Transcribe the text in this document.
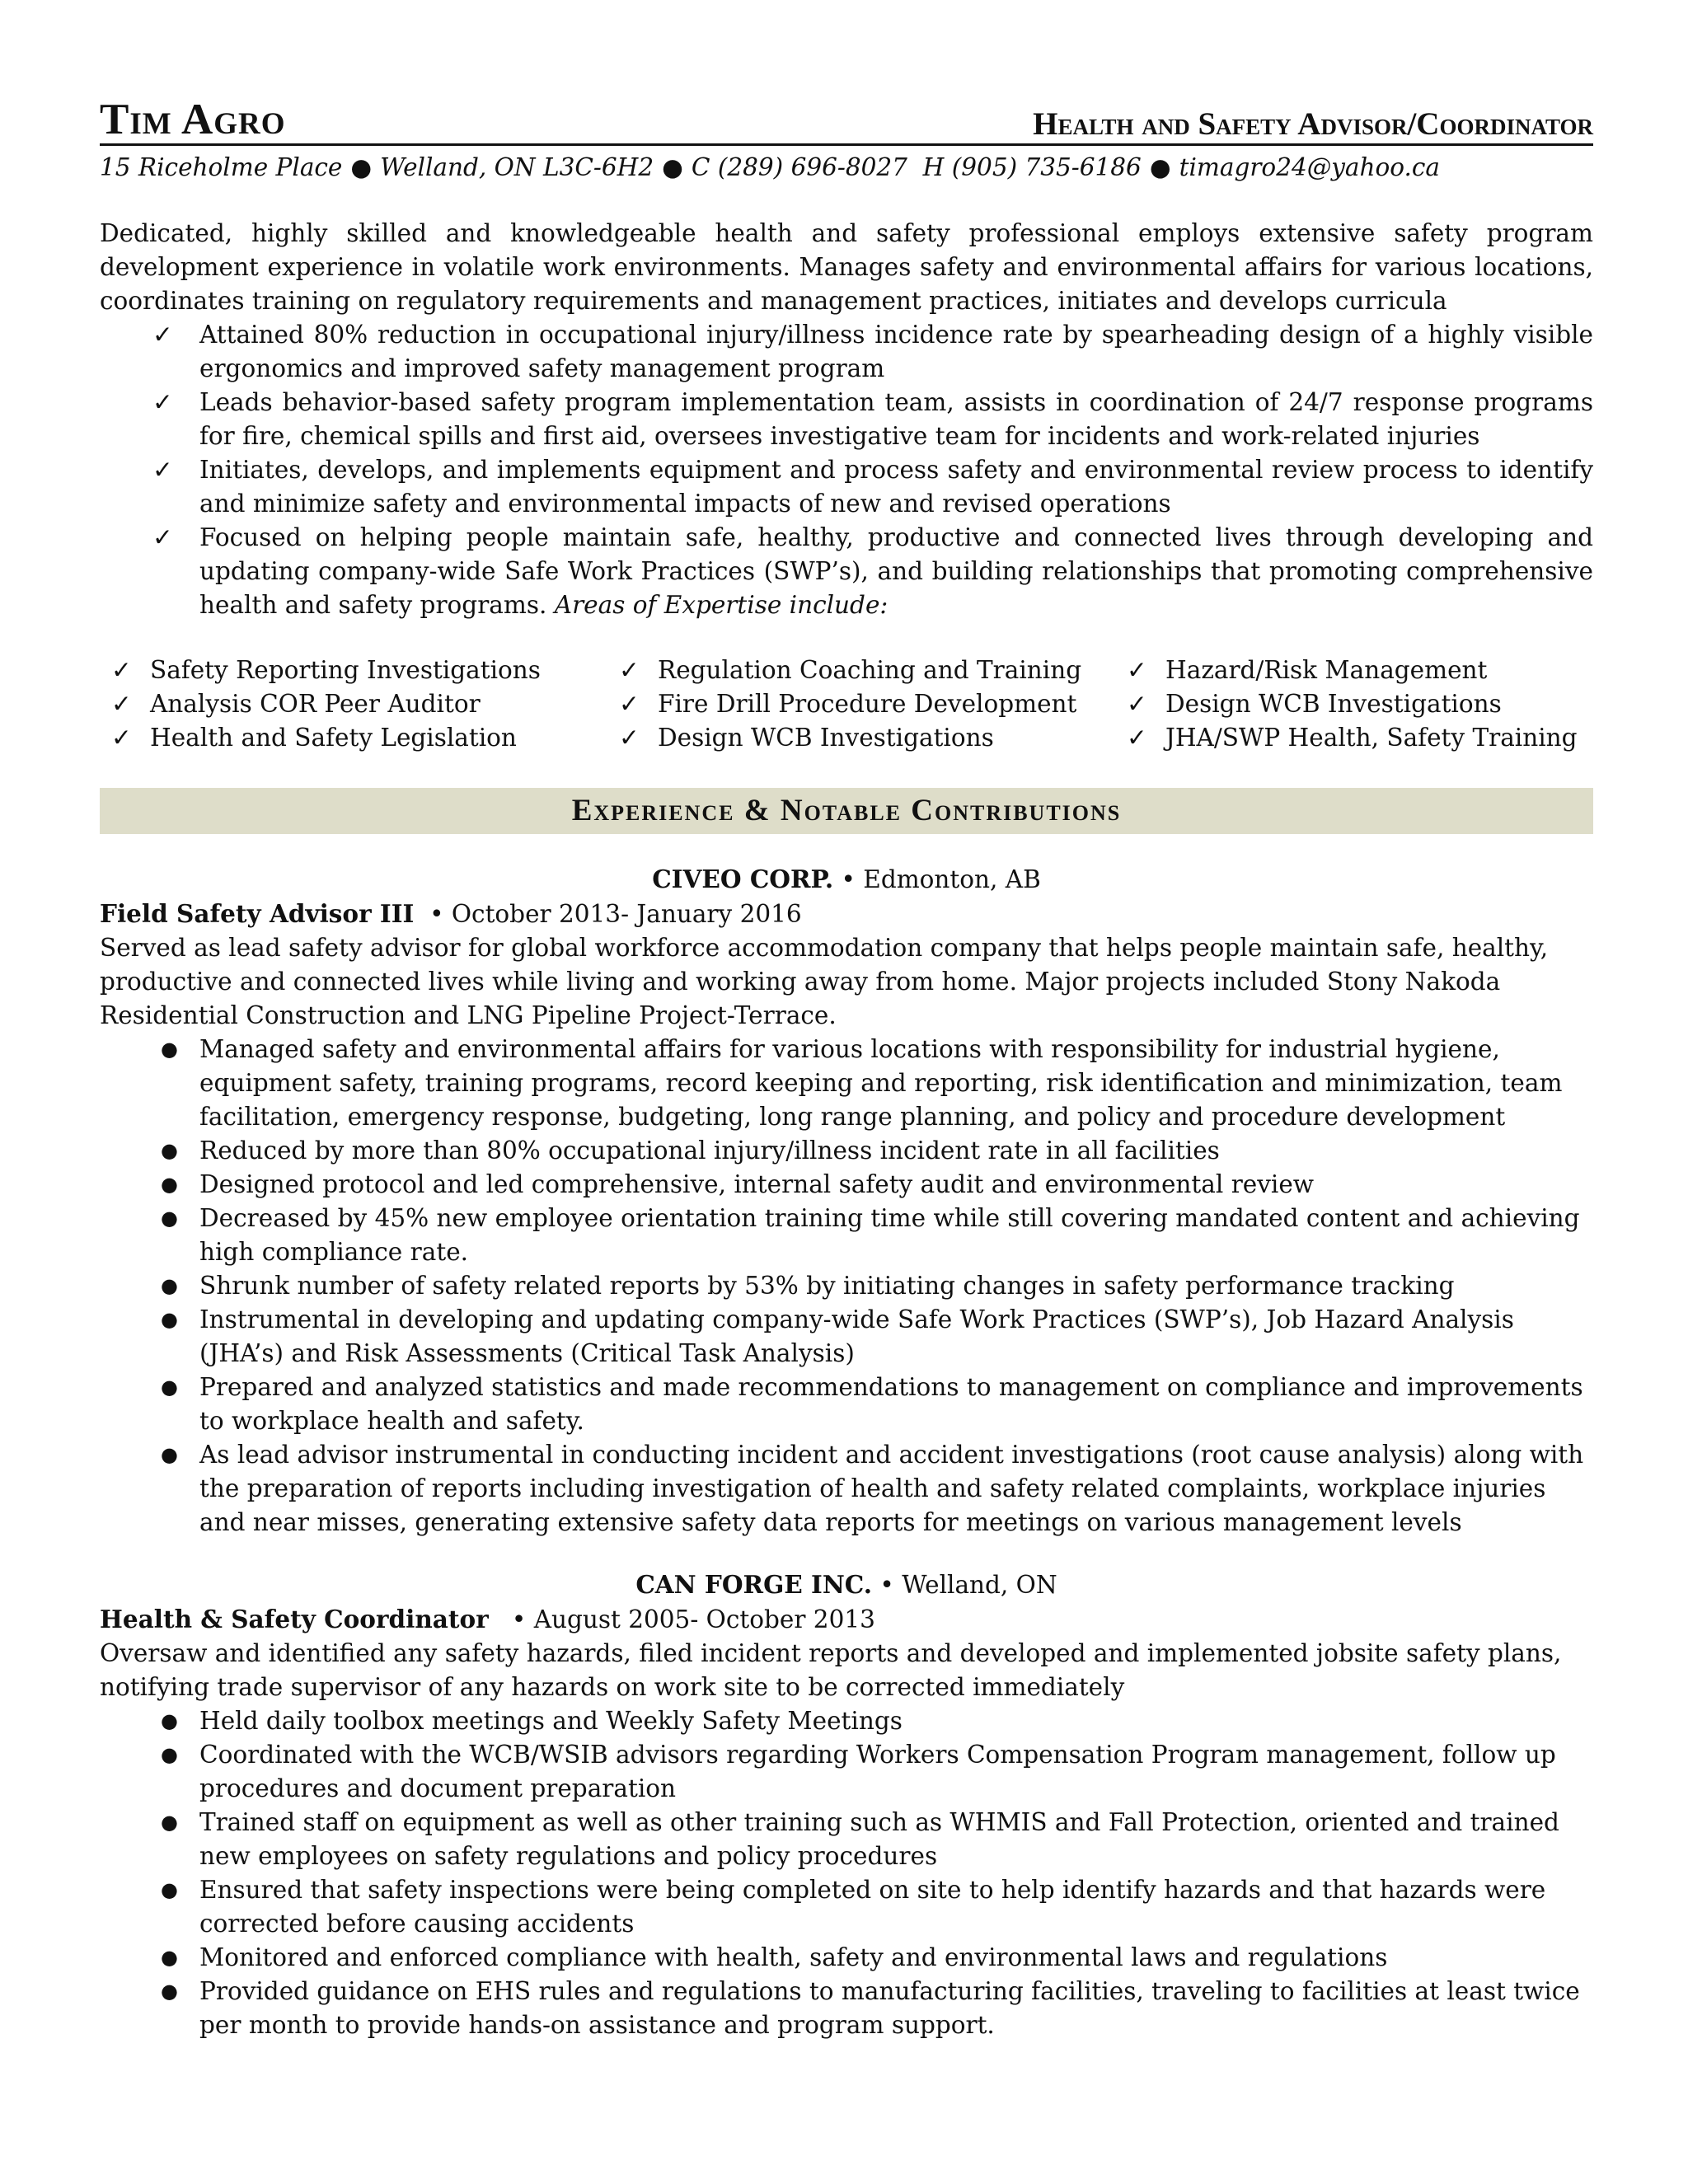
Tim Agro	Health and Safety Advisor/Coordinator
15 Riceholme Place ● Welland, ON L3C-6H2 ● C (289) 696-8027  H (905) 735-6186 ● timagro24@yahoo.ca
Dedicated, highly skilled and knowledgeable health and safety professional employs extensive safety program development experience in volatile work environments. Manages safety and environmental affairs for various locations, coordinates training on regulatory requirements and management practices, initiates and develops curricula
✓ Attained 80% reduction in occupational injury/illness incidence rate by spearheading design of a highly visible ergonomics and improved safety management program
✓ Leads behavior-based safety program implementation team, assists in coordination of 24/7 response programs for fire, chemical spills and first aid, oversees investigative team for incidents and work-related injuries
✓ Initiates, develops, and implements equipment and process safety and environmental review process to identify and minimize safety and environmental impacts of new and revised operations
✓ Focused on helping people maintain safe, healthy, productive and connected lives through developing and updating company-wide Safe Work Practices (SWP’s), and building relationships that promoting comprehensive health and safety programs. Areas of Expertise include:
✓ Safety Reporting Investigations
✓ Analysis COR Peer Auditor
✓ Health and Safety Legislation
✓ Regulation Coaching and Training
✓ Fire Drill Procedure Development
✓ Design WCB Investigations
✓ Hazard/Risk Management
✓ Design WCB Investigations
✓ JHA/SWP Health, Safety Training
Experience & Notable Contributions
CIVEO CORP. • Edmonton, AB
Field Safety Advisor III • October 2013- January 2016
Served as lead safety advisor for global workforce accommodation company that helps people maintain safe, healthy, productive and connected lives while living and working away from home. Major projects included Stony Nakoda Residential Construction and LNG Pipeline Project-Terrace.
● Managed safety and environmental affairs for various locations with responsibility for industrial hygiene, equipment safety, training programs, record keeping and reporting, risk identification and minimization, team facilitation, emergency response, budgeting, long range planning, and policy and procedure development
● Reduced by more than 80% occupational injury/illness incident rate in all facilities
● Designed protocol and led comprehensive, internal safety audit and environmental review
● Decreased by 45% new employee orientation training time while still covering mandated content and achieving high compliance rate.
● Shrunk number of safety related reports by 53% by initiating changes in safety performance tracking
● Instrumental in developing and updating company-wide Safe Work Practices (SWP’s), Job Hazard Analysis (JHA’s) and Risk Assessments (Critical Task Analysis)
● Prepared and analyzed statistics and made recommendations to management on compliance and improvements to workplace health and safety.
● As lead advisor instrumental in conducting incident and accident investigations (root cause analysis) along with the preparation of reports including investigation of health and safety related complaints, workplace injuries and near misses, generating extensive safety data reports for meetings on various management levels
CAN FORGE INC. • Welland, ON
Health & Safety Coordinator • August 2005- October 2013
Oversaw and identified any safety hazards, filed incident reports and developed and implemented jobsite safety plans, notifying trade supervisor of any hazards on work site to be corrected immediately
● Held daily toolbox meetings and Weekly Safety Meetings
● Coordinated with the WCB/WSIB advisors regarding Workers Compensation Program management, follow up procedures and document preparation
● Trained staff on equipment as well as other training such as WHMIS and Fall Protection, oriented and trained new employees on safety regulations and policy procedures
● Ensured that safety inspections were being completed on site to help identify hazards and that hazards were corrected before causing accidents
● Monitored and enforced compliance with health, safety and environmental laws and regulations
● Provided guidance on EHS rules and regulations to manufacturing facilities, traveling to facilities at least twice per month to provide hands-on assistance and program support.
